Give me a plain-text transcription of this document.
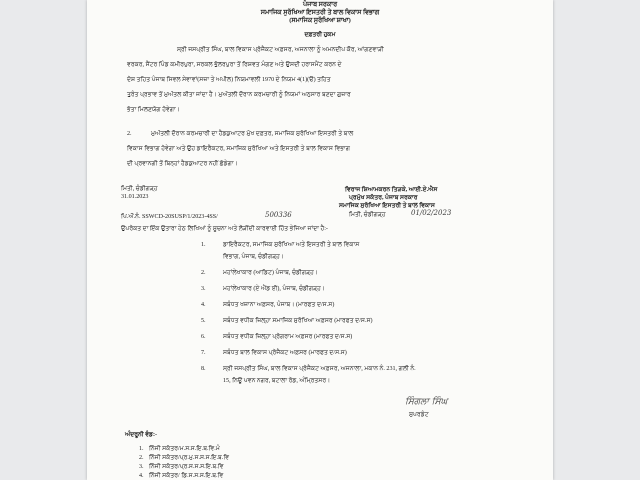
ਪੰਜਾਬ ਸਰਕਾਰ
ਸਮਾਜਿਕ ਸੁਰੱਖਿਆ ਇਸਤਰੀ ਤੇ ਬਾਲ ਵਿਕਾਸ ਵਿਭਾਗ
(ਸਮਾਜਿਕ ਸੁਰੱਖਿਆ ਸ਼ਾਖਾ)
ਦਫ਼ਤਰੀ ਹੁਕਮ
ਸ੍ਰੀ ਜਸਪ੍ਰੀਤ ਸਿੰਘ, ਬਾਲ ਵਿਕਾਸ ਪ੍ਰੋਜੈਕਟ ਅਫ਼ਸਰ, ਅਜਨਾਲਾ ਨੂੰ ਅਮਨਦੀਪ ਕੌਰ, ਆਂਗਣਵਾੜੀ
ਵਰਕਰ, ਸੈਂਟਰ ਪਿੰਡ ਕਮੀਰਪੁਰਾ, ਸਰਕਲ ਭੁੱਲਰਪੁਰਾ ਤੋਂ ਰਿਸ਼ਵਤ ਮੰਗਣ ਅਤੇ ਉਸਦੀ ਹਰਾਸਮੈਂਟ ਕਰਨ ਦੇ
ਦੋਸ਼ ਤਹਿਤ ਪੰਜਾਬ ਸਿਵਲ ਸੇਵਾਵਾਂ(ਸਜ਼ਾ ਤੇ ਅਪੀਲ) ਨਿਯਮਾਵਲੀ 1970 ਦੇ ਨਿਯਮ 4(1)(ੳ) ਤਹਿਤ
ਤੁਰੰਤ ਪ੍ਰਭਾਵ ਤੋਂ ਮੁਅੱਤਲ ਕੀਤਾ ਜਾਂਦਾ ਹੈ। ਮੁਅੱਤਲੀ ਦੌਰਾਨ ਕਰਮਚਾਰੀ ਨੂੰ ਨਿਯਮਾਂ ਅਨੁਸਾਰ ਬਣਦਾ ਗੁਜ਼ਾਰ
ਭੱਤਾ ਮਿਲਣਯੋਗ ਹੋਵੇਗਾ।
2.	ਮੁਅੱਤਲੀ ਦੌਰਾਨ ਕਰਮਚਾਰੀ ਦਾ ਹੈਡਕੁਆਟਰ ਮੁੱਖ ਦਫ਼ਤਰ, ਸਮਾਜਿਕ ਸੁਰੱਖਿਆ ਇਸਤਰੀ ਤੇ ਬਾਲ
ਵਿਕਾਸ ਵਿਭਾਗ ਹੋਵੇਗਾ ਅਤੇ ਉਹ ਡਾਇਰੈਕਟਰ, ਸਮਾਜਿਕ ਸੁਰੱਖਿਆ ਅਤੇ ਇਸਤਰੀ ਤੇ ਬਾਲ ਵਿਕਾਸ ਵਿਭਾਗ
ਦੀ ਪ੍ਰਵਾਨਗੀ ਤੋਂ ਬਿਨ੍ਹਾਂ ਹੈਡਕੁਆਟਰ ਨਹੀਂ ਛੱਡੇਗਾ।
ਮਿਤੀ, ਚੰਡੀਗੜ੍ਹ
31.01.2023
ਵਿਰਾਜ ਸ਼ਿਆਮਕਰਨ ਤਿੜਕੇ, ਆਈ.ਏ.ਐਸ
ਪ੍ਰਮੁੱਖ ਸਕੱਤਰ, ਪੰਜਾਬ ਸਰਕਾਰ
ਸਮਾਜਿਕ ਸੁਰੱਖਿਆ ਇਸਤਰੀ ਤੇ ਬਾਲ ਵਿਕਾਸ
ਮਿਤੀ, ਚੰਡੀਗੜ੍ਹ	01/02/2023
ਪਿ.ਔ.ਨੰ. SSWCD-20SUSP/1/2023-4SS/	500336
ਉਪਰੋਕਤ ਦਾ ਇੱਕ ਉਤਾਰਾ ਹੇਠ ਲਿਖਿਆਂ ਨੂੰ ਸੂਚਨਾ ਅਤੇ ਲੋੜੀਂਦੀ ਕਾਰਵਾਈ ਹਿੱਤ ਭੇਜਿਆ ਜਾਂਦਾ ਹੈ:-
1.	ਡਾਇਰੈਕਟਰ, ਸਮਾਜਿਕ ਸੁਰੱਖਿਆ ਅਤੇ ਇਸਤਰੀ ਤੇ ਬਾਲ ਵਿਕਾਸ
ਵਿਭਾਗ, ਪੰਜਾਬ, ਚੰਡੀਗੜ੍ਹ।
2.	ਮਹਾਂਲੇਖਾਕਾਰ (ਆਡਿਟ) ਪੰਜਾਬ, ਚੰਡੀਗੜ੍ਹ।
3.	ਮਹਾਂਲੇਖਾਕਾਰ (ਏ ਐਂਡ ਈ), ਪੰਜਾਬ, ਚੰਡੀਗੜ੍ਹ।
4.	ਸਬੰਧਤ ਖਜ਼ਾਨਾ ਅਫ਼ਸਰ, ਪੰਜਾਬ। (ਮਾਰਫਤ ਦ/ਸ.ਸ)
5.	ਸਬੰਧਤ ਵਧੀਕ ਜ਼ਿਲ੍ਹਾ ਸਮਾਜਿਕ ਸੁਰੱਖਿਆ ਅਫ਼ਸਰ (ਮਾਰਫਤ ਦ/ਸ.ਸ)
6.	ਸਬੰਧਤ ਵਧੀਕ ਜ਼ਿਲ੍ਹਾ ਪ੍ਰੋਗਰਾਮ ਅਫ਼ਸਰ (ਮਾਰਫਤ ਦ/ਸ.ਸ)
7.	ਸਬੰਧਤ ਬਾਲ ਵਿਕਾਸ ਪ੍ਰੋਜੈਕਟ ਅਫ਼ਸਰ (ਮਾਰਫਤ ਦ/ਸ.ਸ)
8.	ਸ੍ਰੀ ਜਸਪ੍ਰੀਤ ਸਿੰਘ, ਬਾਲ ਵਿਕਾਸ ਪ੍ਰੋਜੈਕਟ ਅਫ਼ਸਰ, ਅਜਨਾਲਾ, ਮਕਾਨ ਨੰ. 231, ਗਲੀ ਨੰ.
15, ਨਿਊ ਪਵਨ ਨਗਰ, ਬਟਾਲਾ ਰੋਡ, ਅੰਮ੍ਰਿਤਸਰ।
ਸਿੰਗਲਾ ਸਿੰਘ
ਸੁਪਰਡੰਟ
ਅੰਦਰੂਨੀ ਵੰਡ:-
1. ਨਿੱਜੀ ਸਕੱਤਰ/ਮ.ਸ.ਸ.ਇ.ਬ.ਵਿ.ਮੰ
2. ਨਿੱਜੀ ਸਕੱਤਰ/ਪ੍ਰ.ਮੁ.ਸ.ਸ.ਸ.ਇ.ਬ.ਵਿ
3. ਨਿੱਜੀ ਸਕੱਤਰ/ਪ੍ਰ.ਸ.ਸ.ਸ.ਇ.ਬ.ਵਿ
4. ਨਿੱਜੀ ਸਕੱਤਰ/ ਡਿ.ਸ.ਸ.ਸ.ਇ.ਬ.ਵਿ
